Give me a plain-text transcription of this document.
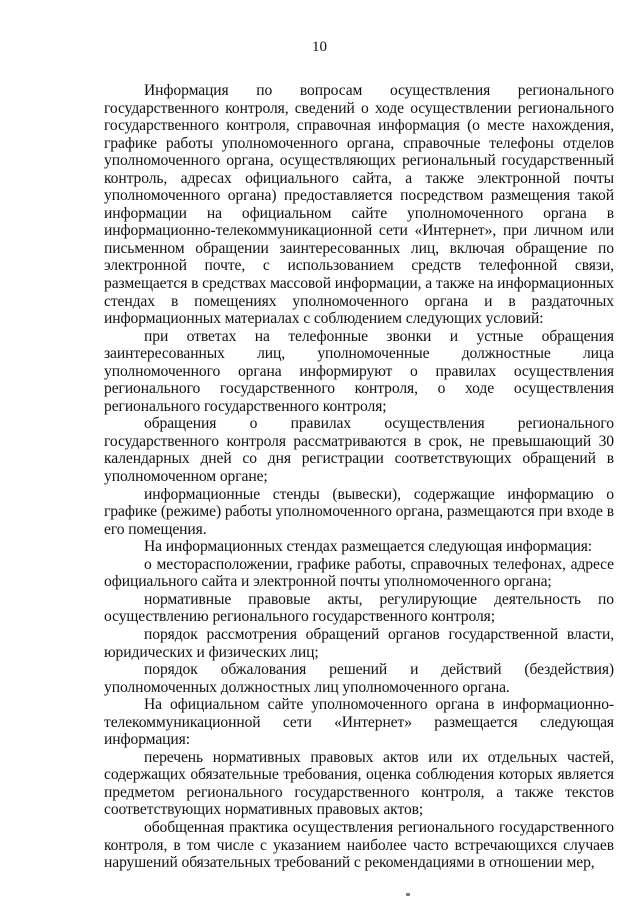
10

Информация по вопросам осуществления регионального государственного контроля, сведений о ходе осуществлении регионального государственного контроля, справочная информация (о месте нахождения, графике работы уполномоченного органа, справочные телефоны отделов уполномоченного органа, осуществляющих региональный государственный контроль, адресах официального сайта, а также электронной почты уполномоченного органа) предоставляется посредством размещения такой информации на официальном сайте уполномоченного органа в информационно-телекоммуникационной сети «Интернет», при личном или письменном обращении заинтересованных лиц, включая обращение по электронной почте, с использованием средств телефонной связи, размещается в средствах массовой информации, а также на информационных стендах в помещениях уполномоченного органа и в раздаточных информационных материалах с соблюдением следующих условий:

при ответах на телефонные звонки и устные обращения заинтересованных лиц, уполномоченные должностные лица уполномоченного органа информируют о правилах осуществления регионального государственного контроля, о ходе осуществления регионального государственного контроля;

обращения о правилах осуществления регионального государственного контроля рассматриваются в срок, не превышающий 30 календарных дней со дня регистрации соответствующих обращений в уполномоченном органе;

информационные стенды (вывески), содержащие информацию о графике (режиме) работы уполномоченного органа, размещаются при входе в его помещения.

На информационных стендах размещается следующая информация:

о месторасположении, графике работы, справочных телефонах, адресе официального сайта и электронной почты уполномоченного органа;

нормативные правовые акты, регулирующие деятельность по осуществлению регионального государственного контроля;

порядок рассмотрения обращений органов государственной власти, юридических и физических лиц;

порядок обжалования решений и действий (бездействия) уполномоченных должностных лиц уполномоченного органа.

На официальном сайте уполномоченного органа в информационно-телекоммуникационной сети «Интернет» размещается следующая информация:

перечень нормативных правовых актов или их отдельных частей, содержащих обязательные требования, оценка соблюдения которых является предметом регионального государственного контроля, а также текстов соответствующих нормативных правовых актов;

обобщенная практика осуществления регионального государственного контроля, в том числе с указанием наиболее часто встречающихся случаев нарушений обязательных требований с рекомендациями в отношении мер,
